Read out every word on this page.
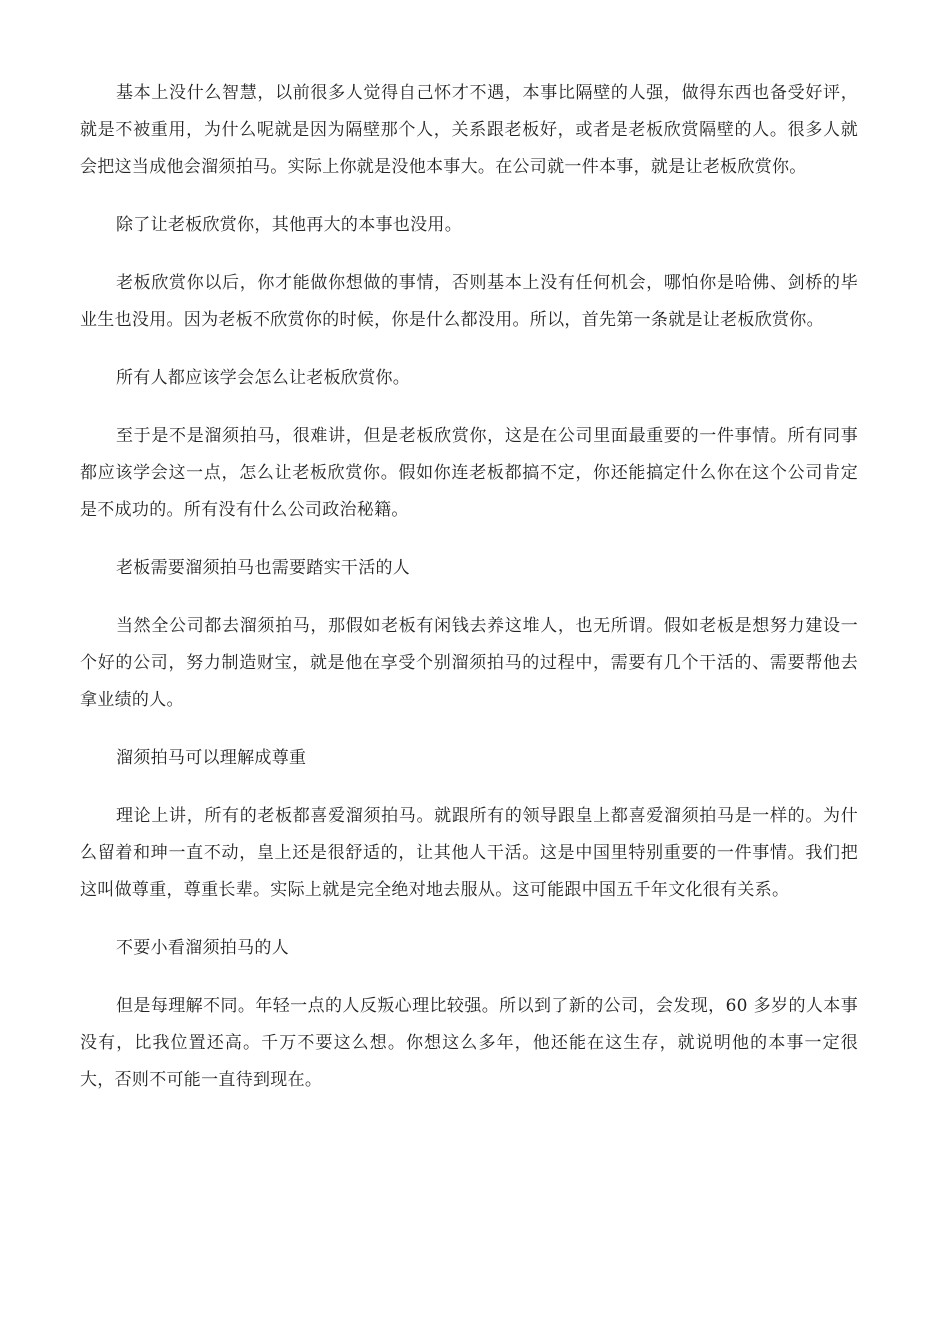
基本上没什么智慧，以前很多人觉得自己怀才不遇，本事比隔壁的人强，做得东西也备受好评，就是不被重用，为什么呢就是因为隔壁那个人，关系跟老板好，或者是老板欣赏隔壁的人。很多人就会把这当成他会溜须拍马。实际上你就是没他本事大。在公司就一件本事，就是让老板欣赏你。

除了让老板欣赏你，其他再大的本事也没用。

老板欣赏你以后，你才能做你想做的事情，否则基本上没有任何机会，哪怕你是哈佛、剑桥的毕业生也没用。因为老板不欣赏你的时候，你是什么都没用。所以，首先第一条就是让老板欣赏你。

所有人都应该学会怎么让老板欣赏你。

至于是不是溜须拍马，很难讲，但是老板欣赏你，这是在公司里面最重要的一件事情。所有同事都应该学会这一点，怎么让老板欣赏你。假如你连老板都搞不定，你还能搞定什么你在这个公司肯定是不成功的。所有没有什么公司政治秘籍。

老板需要溜须拍马也需要踏实干活的人

当然全公司都去溜须拍马，那假如老板有闲钱去养这堆人，也无所谓。假如老板是想努力建设一个好的公司，努力制造财宝，就是他在享受个别溜须拍马的过程中，需要有几个干活的、需要帮他去拿业绩的人。

溜须拍马可以理解成尊重

理论上讲，所有的老板都喜爱溜须拍马。就跟所有的领导跟皇上都喜爱溜须拍马是一样的。为什么留着和珅一直不动，皇上还是很舒适的，让其他人干活。这是中国里特别重要的一件事情。我们把这叫做尊重，尊重长辈。实际上就是完全绝对地去服从。这可能跟中国五千年文化很有关系。

不要小看溜须拍马的人

但是每理解不同。年轻一点的人反叛心理比较强。所以到了新的公司，会发现，60 多岁的人本事没有，比我位置还高。千万不要这么想。你想这么多年，他还能在这生存，就说明他的本事一定很大，否则不可能一直待到现在。
